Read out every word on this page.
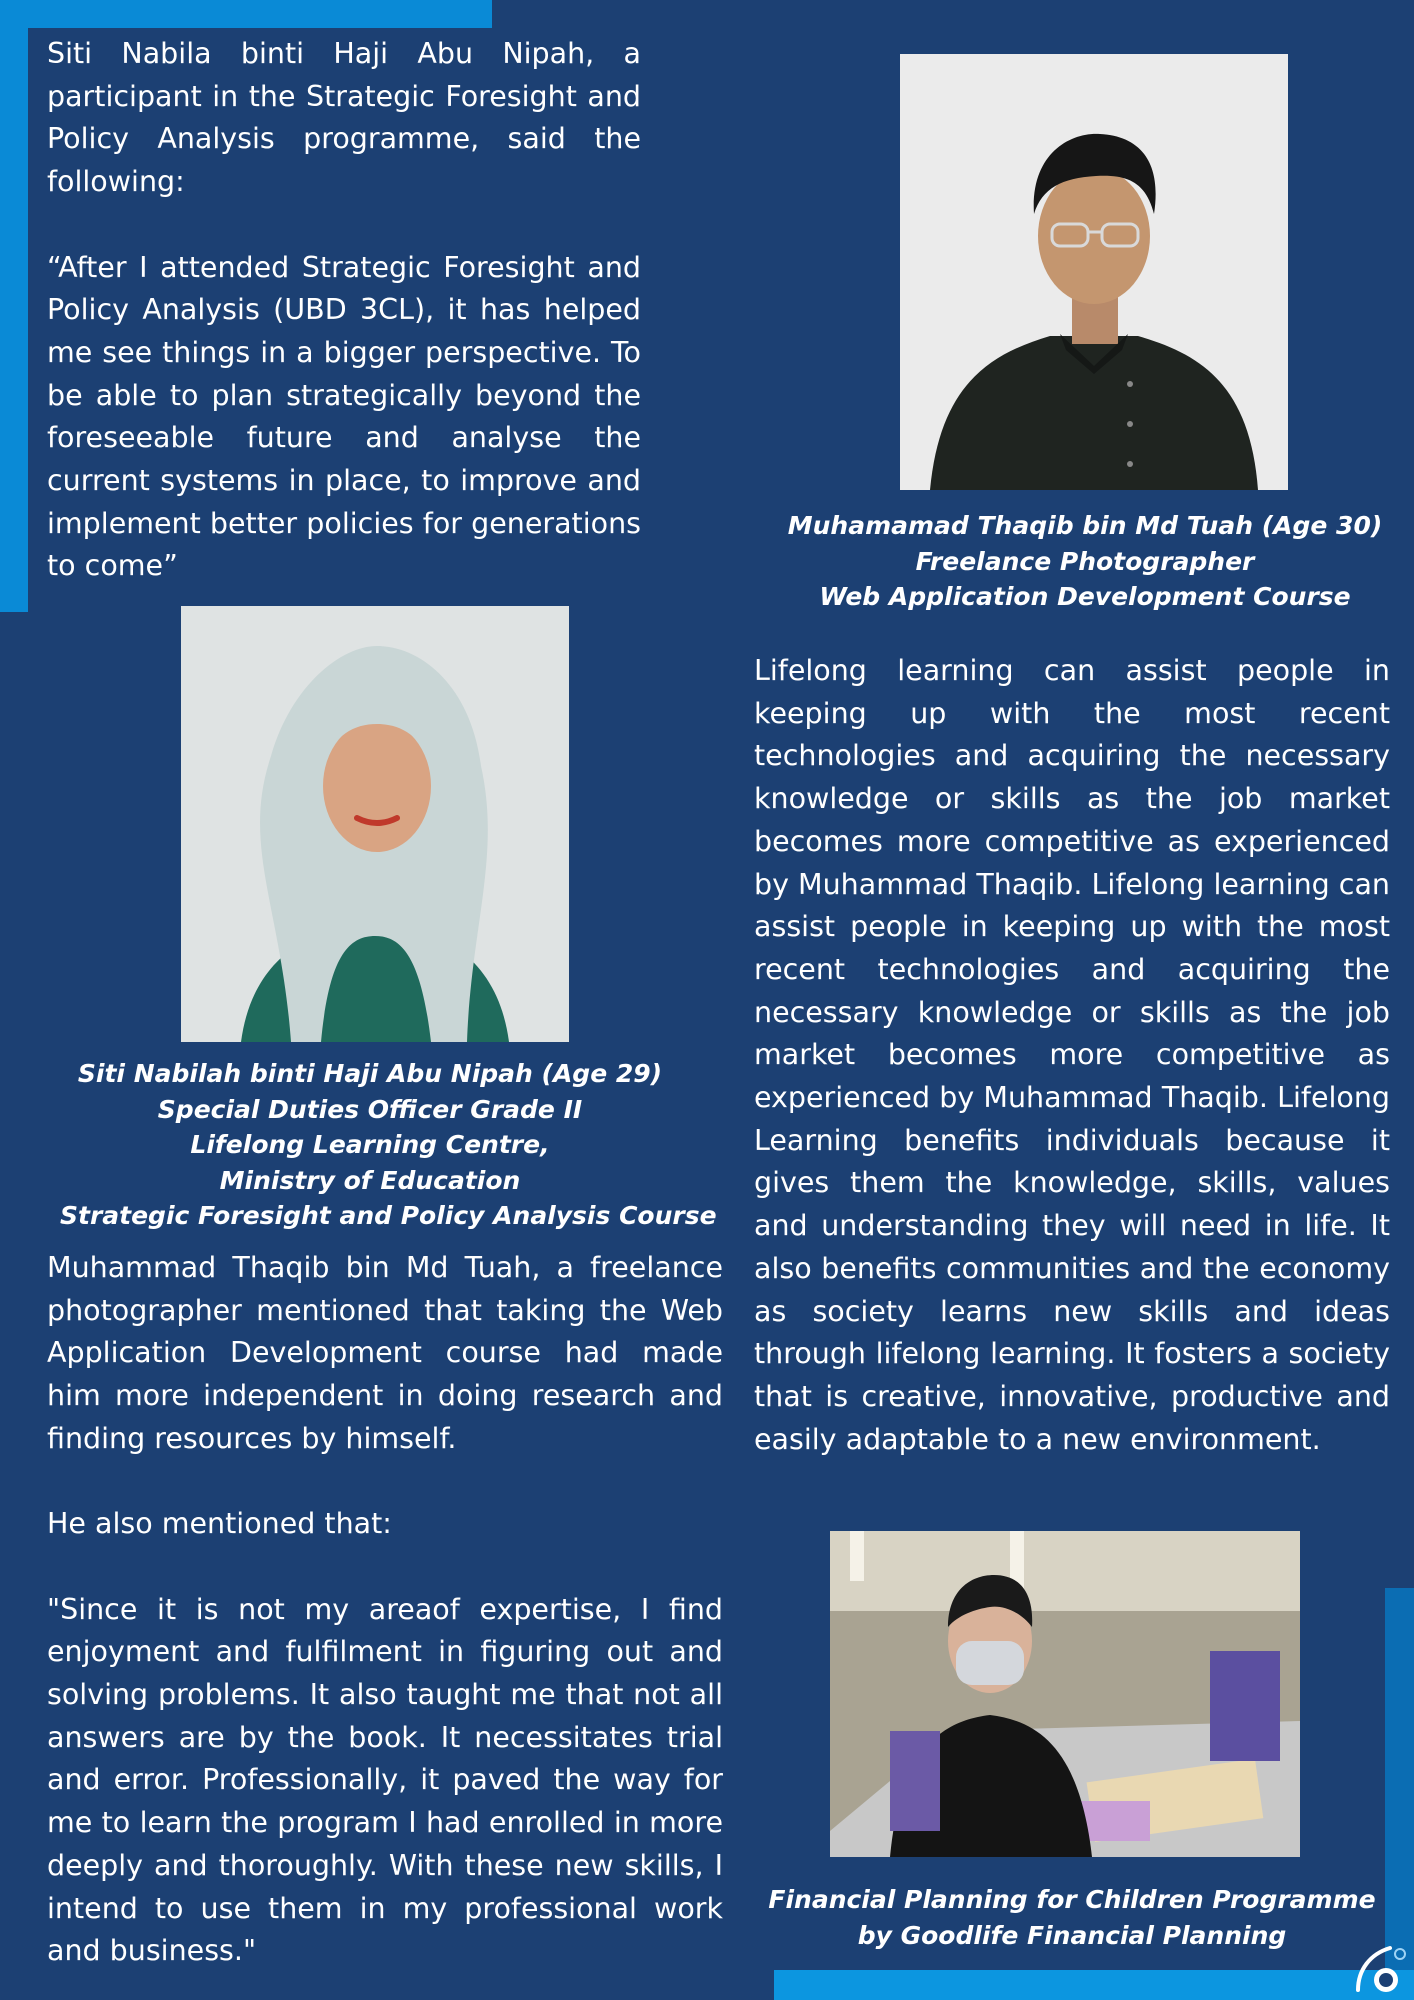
Siti Nabila binti Haji Abu Nipah, a participant in the Strategic Foresight and Policy Analysis programme, said the following:

“After I attended Strategic Foresight and Policy Analysis (UBD 3CL), it has helped me see things in a bigger perspective. To be able to plan strategically beyond the foreseeable future and analyse the current systems in place, to improve and implement better policies for generations to come”

Muhamamad Thaqib bin Md Tuah (Age 30)
Freelance Photographer
Web Application Development Course
Siti Nabilah binti Haji Abu Nipah (Age 29)
Special Duties Officer Grade II
Lifelong Learning Centre,
Ministry of Education
Strategic Foresight and Policy Analysis Course

Lifelong learning can assist people in keeping up with the most recent technologies and acquiring the necessary knowledge or skills as the job market becomes more competitive as experienced by Muhammad Thaqib. Lifelong learning can assist people in keeping up with the most recent technologies and acquiring the necessary knowledge or skills as the job market becomes more competitive as experienced by Muhammad Thaqib. Lifelong Learning benefits individuals because it gives them the knowledge, skills, values and understanding they will need in life. It also benefits communities and the economy as society learns new skills and ideas through lifelong learning. It fosters a society that is creative, innovative, productive and easily adaptable to a new environment.

Muhammad Thaqib bin Md Tuah, a freelance photographer mentioned that taking the Web Application Development course had made him more independent in doing research and finding resources by himself.

He also mentioned that:

"Since it is not my areaof expertise, I find enjoyment and fulfilment in figuring out and solving problems. It also taught me that not all answers are by the book. It necessitates trial and error. Professionally, it paved the way for me to learn the program I had enrolled in more deeply and thoroughly. With these new skills, I intend to use them in my professional work and business."

Financial Planning for Children Programme
by Goodlife Financial Planning
